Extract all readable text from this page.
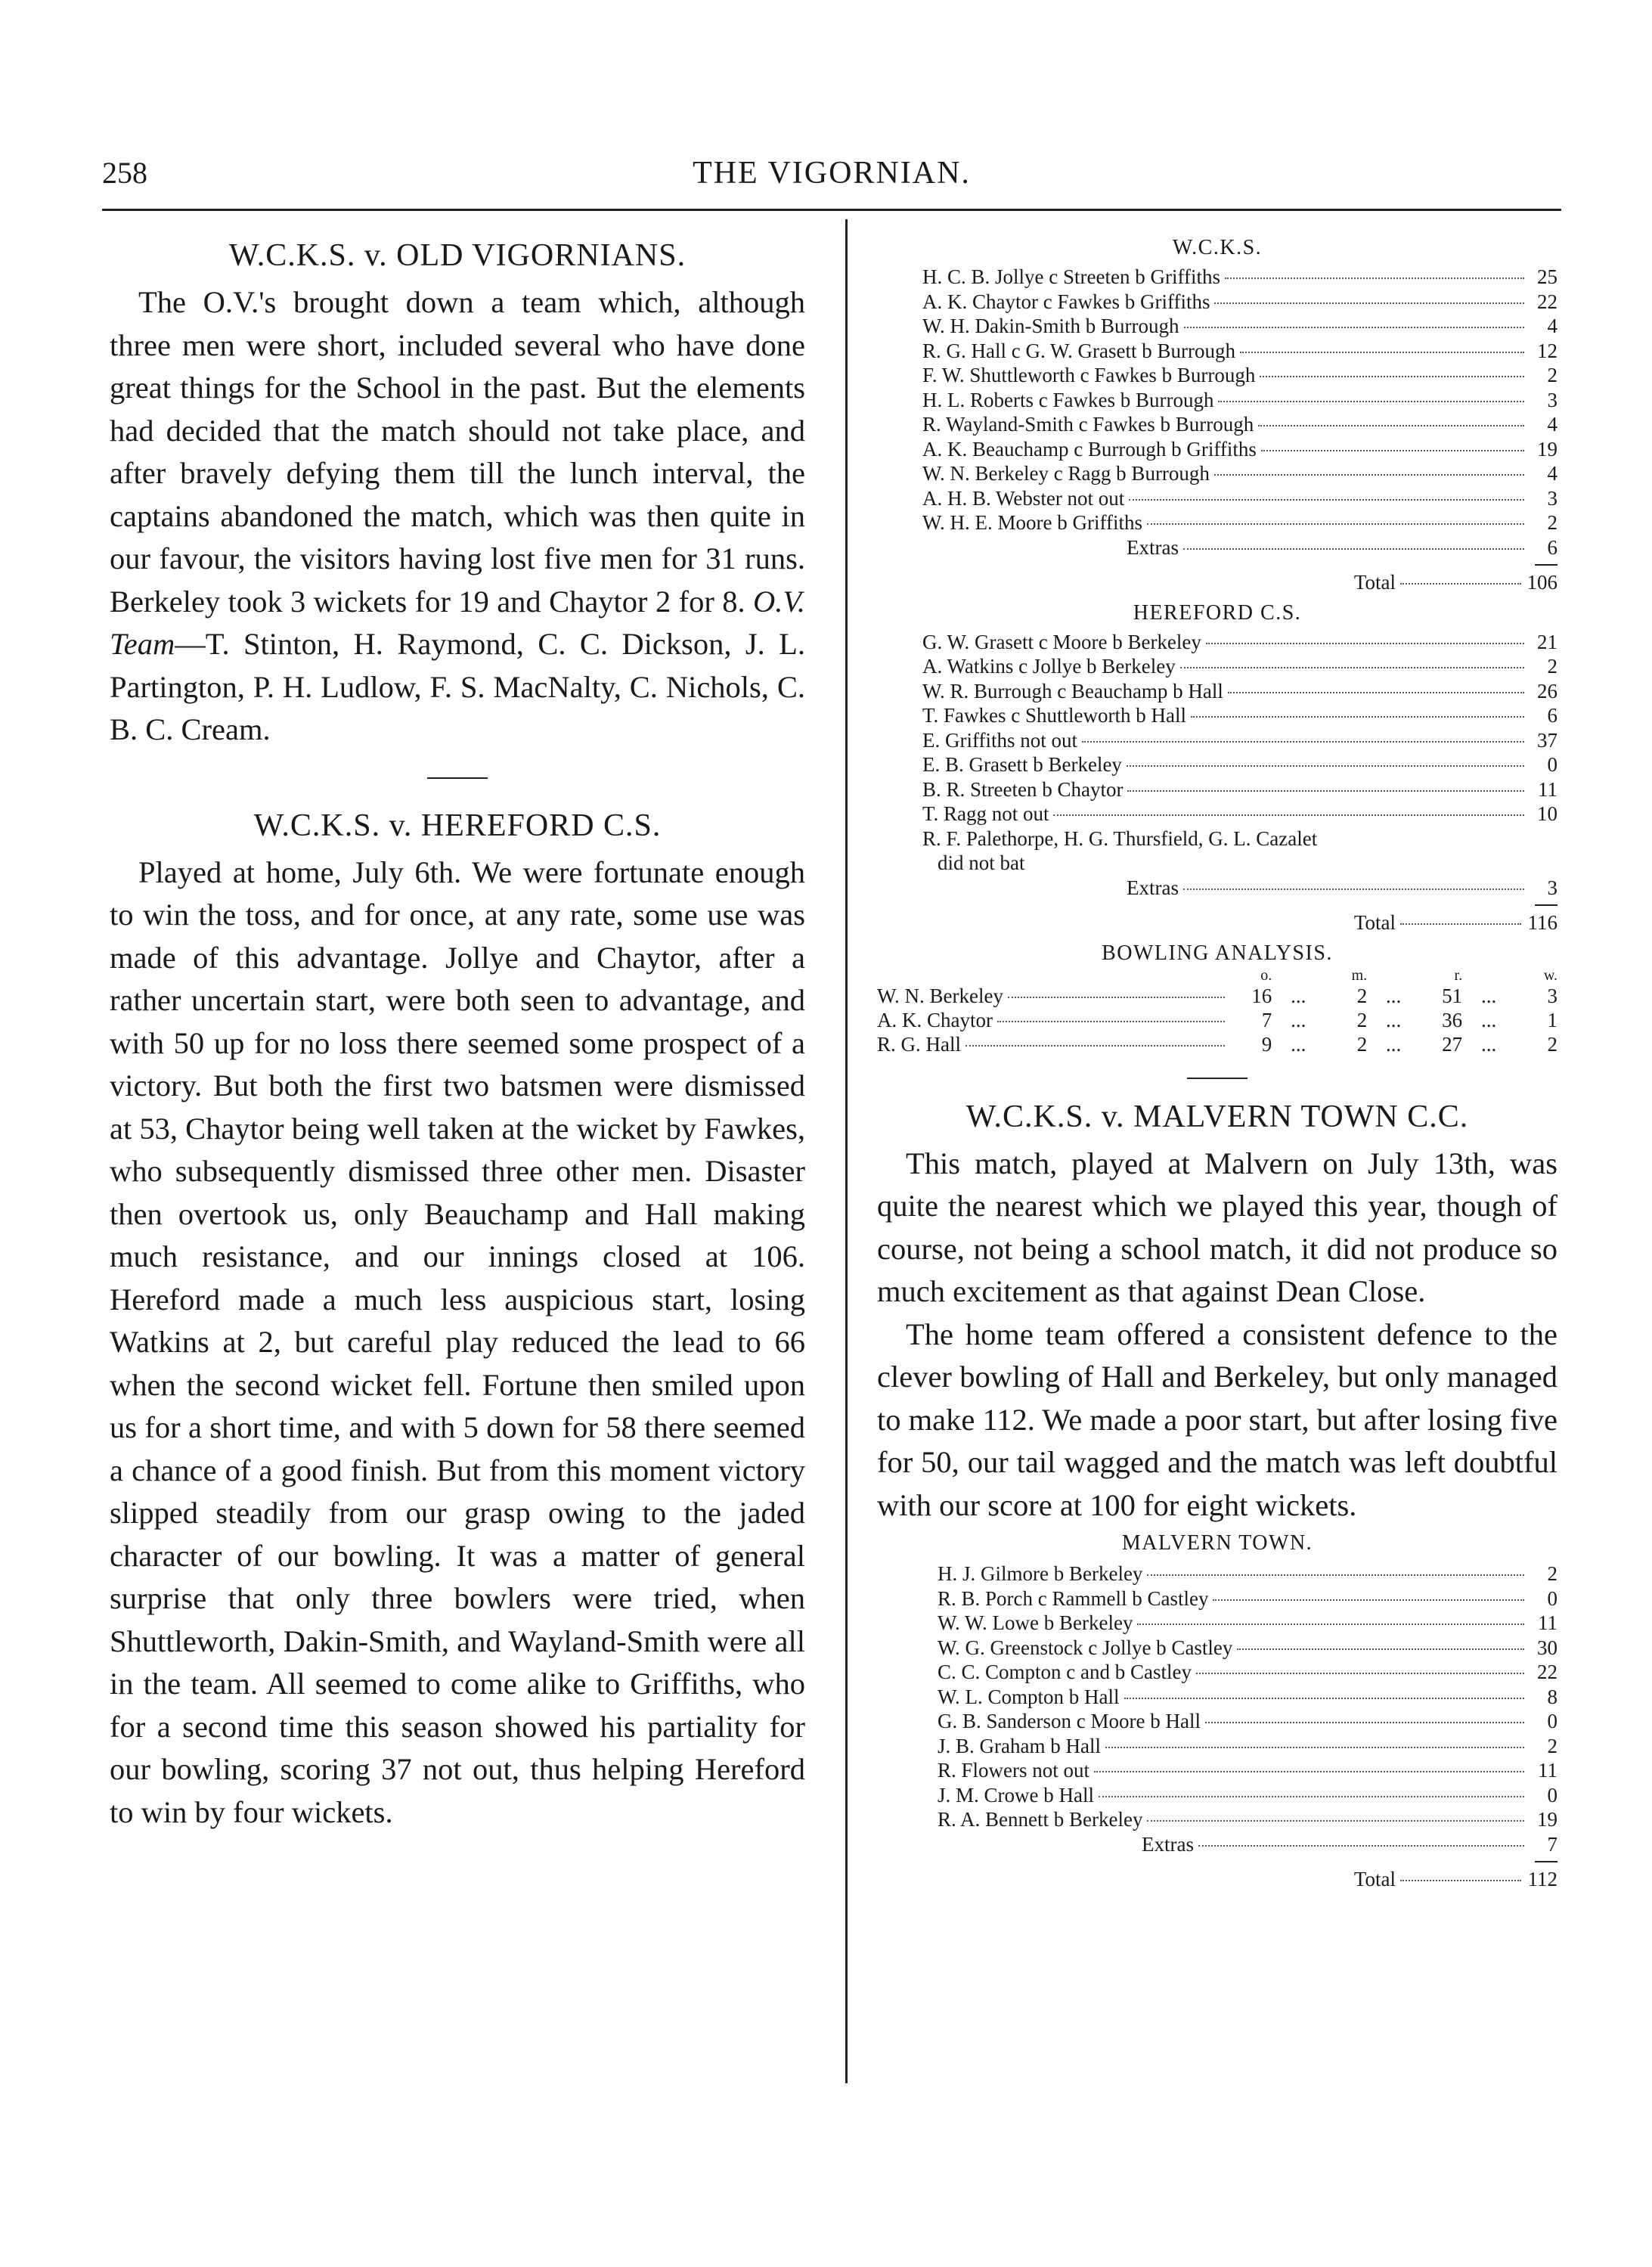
258	THE VIGORNIAN.
W.C.K.S. v. OLD VIGORNIANS.

The O.V.'s brought down a team which, although three men were short, included several who have done great things for the School in the past. But the elements had decided that the match should not take place, and after bravely defying them till the lunch interval, the captains abandoned the match, which was then quite in our favour, the visitors having lost five men for 31 runs. Berkeley took 3 wickets for 19 and Chaytor 2 for 8. O.V. Team—T. Stinton, H. Raymond, C. C. Dickson, J. L. Partington, P. H. Ludlow, F. S. MacNalty, C. Nichols, C. B. C. Cream.

W.C.K.S. v. HEREFORD C.S.

Played at home, July 6th. We were fortunate enough to win the toss, and for once, at any rate, some use was made of this advantage. Jollye and Chaytor, after a rather uncertain start, were both seen to advantage, and with 50 up for no loss there seemed some prospect of a victory. But both the first two batsmen were dismissed at 53, Chaytor being well taken at the wicket by Fawkes, who subsequently dismissed three other men. Disaster then overtook us, only Beauchamp and Hall making much resistance, and our innings closed at 106. Hereford made a much less auspicious start, losing Watkins at 2, but careful play reduced the lead to 66 when the second wicket fell. Fortune then smiled upon us for a short time, and with 5 down for 58 there seemed a chance of a good finish. But from this moment victory slipped steadily from our grasp owing to the jaded character of our bowling. It was a matter of general surprise that only three bowlers were tried, when Shuttleworth, Dakin-Smith, and Wayland-Smith were all in the team. All seemed to come alike to Griffiths, who for a second time this season showed his partiality for our bowling, scoring 37 not out, thus helping Hereford to win by four wickets.

W.C.K.S.
H. C. B. Jollye c Streeten b Griffiths	25
A. K. Chaytor c Fawkes b Griffiths	22
W. H. Dakin-Smith b Burrough	4
R. G. Hall c G. W. Grasett b Burrough	12
F. W. Shuttleworth c Fawkes b Burrough	2
H. L. Roberts c Fawkes b Burrough	3
R. Wayland-Smith c Fawkes b Burrough	4
A. K. Beauchamp c Burrough b Griffiths	19
W. N. Berkeley c Ragg b Burrough	4
A. H. B. Webster not out	3
W. H. E. Moore b Griffiths	2
Extras	6
Total	106
HEREFORD C.S.
G. W. Grasett c Moore b Berkeley	21
A. Watkins c Jollye b Berkeley	2
W. R. Burrough c Beauchamp b Hall	26
T. Fawkes c Shuttleworth b Hall	6
E. Griffiths not out	37
E. B. Grasett b Berkeley	0
B. R. Streeten b Chaytor	11
T. Ragg not out	10
R. F. Palethorpe, H. G. Thursfield, G. L. Cazalet
did not bat
Extras	3
Total	116
BOWLING ANALYSIS.
o.	m.	r.	w.
W. N. Berkeley	16 ...	2 ...	51 ...	3
A. K. Chaytor	7 ...	2 ...	36 ...	1
R. G. Hall	9 ...	2 ...	27 ...	2
W.C.K.S. v. MALVERN TOWN C.C.

This match, played at Malvern on July 13th, was quite the nearest which we played this year, though of course, not being a school match, it did not produce so much excitement as that against Dean Close.

The home team offered a consistent defence to the clever bowling of Hall and Berkeley, but only managed to make 112. We made a poor start, but after losing five for 50, our tail wagged and the match was left doubtful with our score at 100 for eight wickets.

MALVERN TOWN.
H. J. Gilmore b Berkeley	2
R. B. Porch c Rammell b Castley	0
W. W. Lowe b Berkeley	11
W. G. Greenstock c Jollye b Castley	30
C. C. Compton c and b Castley	22
W. L. Compton b Hall	8
G. B. Sanderson c Moore b Hall	0
J. B. Graham b Hall	2
R. Flowers not out	11
J. M. Crowe b Hall	0
R. A. Bennett b Berkeley	19
Extras	7
Total	112
